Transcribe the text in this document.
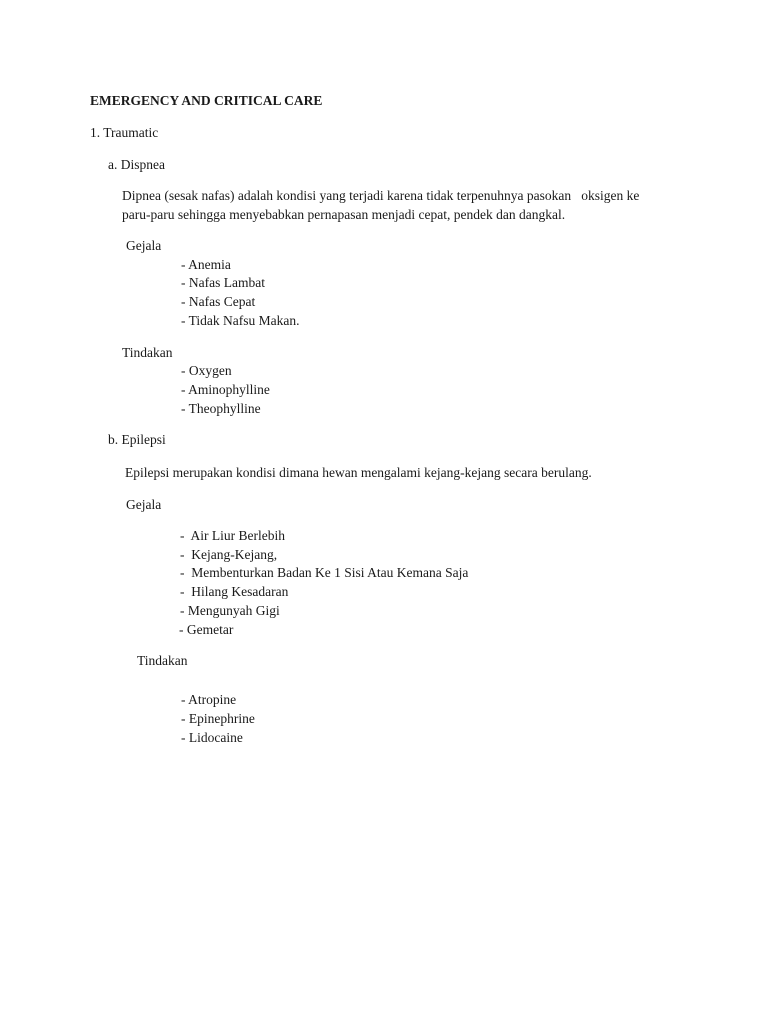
EMERGENCY AND CRITICAL CARE
1. Traumatic
a. Dispnea
Dipnea (sesak nafas) adalah kondisi yang terjadi karena tidak terpenuhnya pasokan   oksigen ke
paru-paru sehingga menyebabkan pernapasan menjadi cepat, pendek dan dangkal.
Gejala
- Anemia
- Nafas Lambat
- Nafas Cepat
- Tidak Nafsu Makan.
Tindakan
- Oxygen
- Aminophylline
- Theophylline
b. Epilepsi
Epilepsi merupakan kondisi dimana hewan mengalami kejang-kejang secara berulang.
Gejala
-  Air Liur Berlebih
-  Kejang-Kejang,
-  Membenturkan Badan Ke 1 Sisi Atau Kemana Saja
-  Hilang Kesadaran
- Mengunyah Gigi
- Gemetar
Tindakan
- Atropine
- Epinephrine
- Lidocaine
